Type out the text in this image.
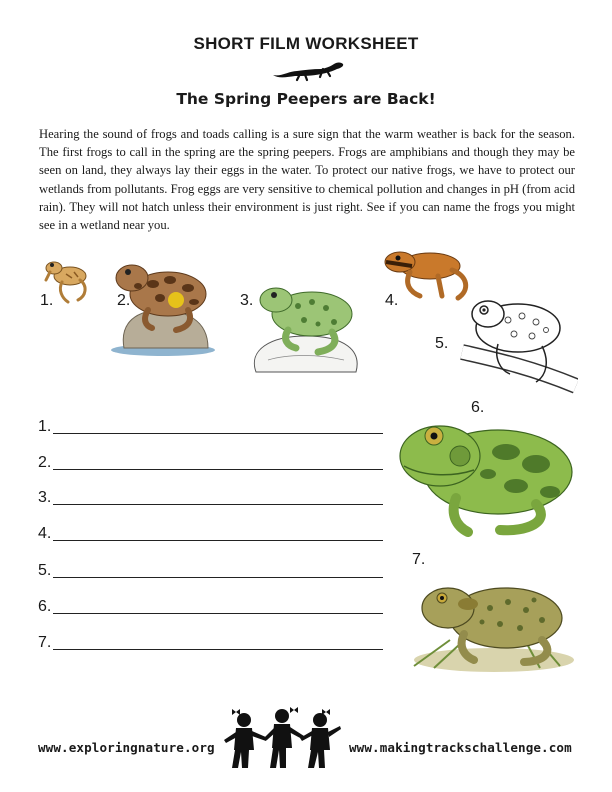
SHORT FILM WORKSHEET
The Spring Peepers are Back!
Hearing the sound of frogs and toads calling is a sure sign that the warm weather is back for the season. The first frogs to call in the spring are the spring peepers. Frogs are amphibians and though they may be seen on land, they always lay their eggs in the water. To protect our native frogs, we have to protect our wetlands from pollutants. Frog eggs are very sensitive to chemical pollution and changes in pH (from acid rain). They will not hatch unless their environment is just right. See if you can name the frogs you might see in a wetland near you.
1.	2.	3.	4.
5.
6.
7.
1.
2.
3.
4.
5.
6.
7.
www.exploringnature.org	www.makingtrackschallenge.com
